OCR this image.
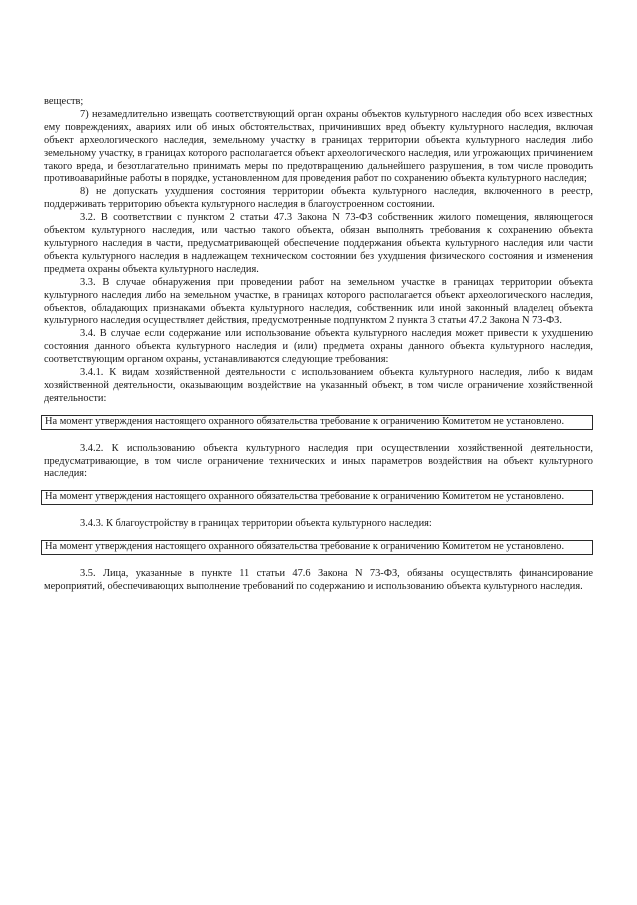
веществ;

7) незамедлительно извещать соответствующий орган охраны объектов культурного наследия обо всех известных ему повреждениях, авариях или об иных обстоятельствах, причинивших вред объекту культурного наследия, включая объект археологического наследия, земельному участку в границах территории объекта культурного наследия либо земельному участку, в границах которого располагается объект археологического наследия, или угрожающих причинением такого вреда, и безотлагательно принимать меры по предотвращению дальнейшего разрушения, в том числе проводить противоаварийные работы в порядке, установленном для проведения работ по сохранению объекта культурного наследия;

8) не допускать ухудшения состояния территории объекта культурного наследия, включенного в реестр, поддерживать территорию объекта культурного наследия в благоустроенном состоянии.

3.2. В соответствии с пунктом 2 статьи 47.3 Закона N 73-ФЗ собственник жилого помещения, являющегося объектом культурного наследия, или частью такого объекта, обязан выполнять требования к сохранению объекта культурного наследия в части, предусматривающей обеспечение поддержания объекта культурного наследия или части объекта культурного наследия в надлежащем техническом состоянии без ухудшения физического состояния и изменения предмета охраны объекта культурного наследия.

3.3. В случае обнаружения при проведении работ на земельном участке в границах территории объекта культурного наследия либо на земельном участке, в границах которого располагается объект археологического наследия, объектов, обладающих признаками объекта культурного наследия, собственник или иной законный владелец объекта культурного наследия осуществляет действия, предусмотренные подпунктом 2 пункта 3 статьи 47.2 Закона N 73-ФЗ.

3.4. В случае если содержание или использование объекта культурного наследия может привести к ухудшению состояния данного объекта культурного наследия и (или) предмета охраны данного объекта культурного наследия, соответствующим органом охраны, устанавливаются следующие требования:

3.4.1. К видам хозяйственной деятельности с использованием объекта культурного наследия, либо к видам хозяйственной деятельности, оказывающим воздействие на указанный объект, в том числе ограничение хозяйственной деятельности:

На момент утверждения настоящего охранного обязательства требование к ограничению Комитетом не установлено.

3.4.2. К использованию объекта культурного наследия при осуществлении хозяйственной деятельности, предусматривающие, в том числе ограничение технических и иных параметров воздействия на объект культурного наследия:

На момент утверждения настоящего охранного обязательства требование к ограничению Комитетом не установлено.

3.4.3. К благоустройству в границах территории объекта культурного наследия:

На момент утверждения настоящего охранного обязательства требование к ограничению Комитетом не установлено.

3.5. Лица, указанные в пункте 11 статьи 47.6 Закона N 73-ФЗ, обязаны осуществлять финансирование мероприятий, обеспечивающих выполнение требований по содержанию и использованию объекта культурного наследия.
